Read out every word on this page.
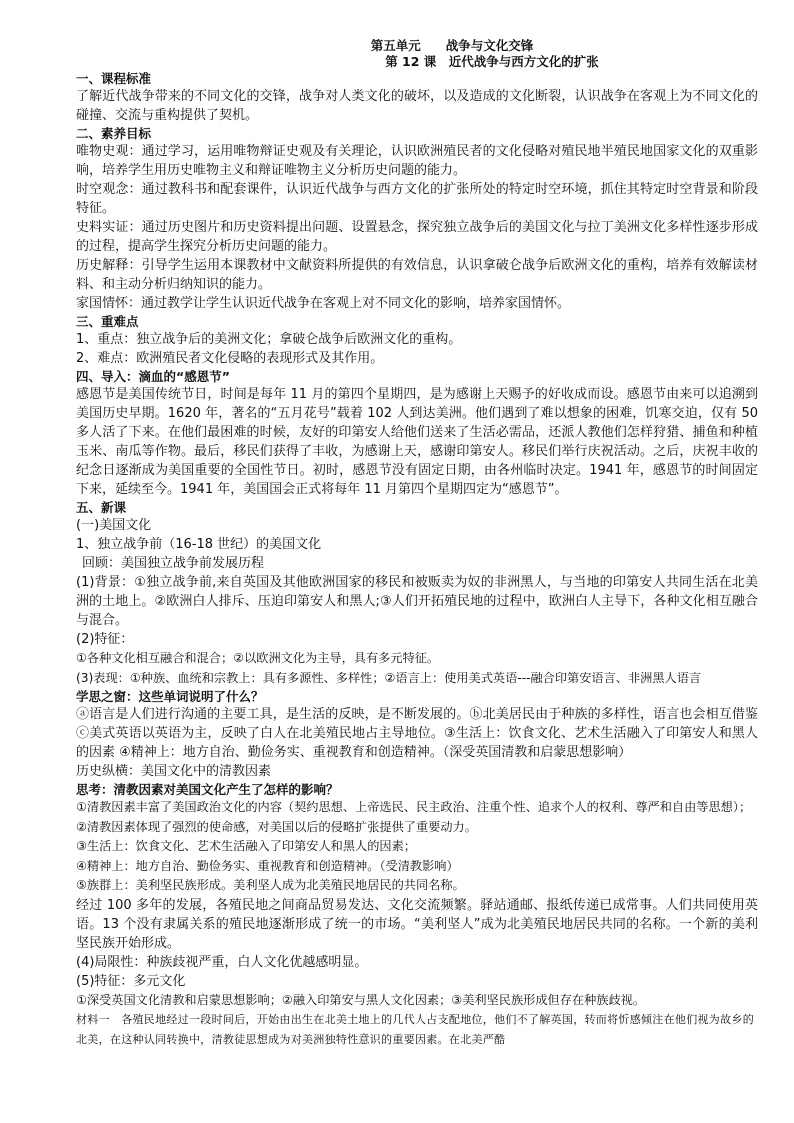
第五单元　　战争与文化交锋
第 12 课　近代战争与西方文化的扩张

一、课程标准

了解近代战争带来的不同文化的交锋，战争对人类文化的破坏，以及造成的文化断裂，认识战争在客观上为不同文化的碰撞、交流与重构提供了契机。

二、素养目标

唯物史观：通过学习，运用唯物辩证史观及有关理论，认识欧洲殖民者的文化侵略对殖民地半殖民地国家文化的双重影响，培养学生用历史唯物主义和辩证唯物主义分析历史问题的能力。

时空观念：通过教科书和配套课件，认识近代战争与西方文化的扩张所处的特定时空环境，抓住其特定时空背景和阶段特征。

史料实证：通过历史图片和历史资料提出问题、设置悬念，探究独立战争后的美国文化与拉丁美洲文化多样性逐步形成的过程，提高学生探究分析历史问题的能力。

历史解释：引导学生运用本课教材中文献资料所提供的有效信息，认识拿破仑战争后欧洲文化的重构，培养有效解读材料、和主动分析归纳知识的能力。

家国情怀：通过教学让学生认识近代战争在客观上对不同文化的影响，培养家国情怀。

三、重难点

1、重点：独立战争后的美洲文化；拿破仑战争后欧洲文化的重构。

2、难点：欧洲殖民者文化侵略的表现形式及其作用。

四、导入：滴血的“感恩节”

感恩节是美国传统节日，时间是每年 11 月的第四个星期四，是为感谢上天赐予的好收成而设。感恩节由来可以追溯到美国历史早期。1620 年，著名的“五月花号”载着 102 人到达美洲。他们遇到了难以想象的困难，饥寒交迫，仅有 50 多人活了下来。在他们最困难的时候，友好的印第安人给他们送来了生活必需品，还派人教他们怎样狩猎、捕鱼和种植玉米、南瓜等作物。最后，移民们获得了丰收，为感谢上天，感谢印第安人。移民们举行庆祝活动。之后，庆祝丰收的纪念日逐渐成为美国重要的全国性节日。初时，感恩节没有固定日期，由各州临时决定。1941 年，感恩节的时间固定下来，延续至今。1941 年，美国国会正式将每年 11 月第四个星期四定为“感恩节”。

五、新课

(一)美国文化

1、独立战争前（16-18 世纪）的美国文化

回顾：美国独立战争前发展历程

(1)背景：①独立战争前,来自英国及其他欧洲国家的移民和被贩卖为奴的非洲黑人，与当地的印第安人共同生活在北美洲的土地上。②欧洲白人排斥、压迫印第安人和黑人;③人们开拓殖民地的过程中，欧洲白人主导下，各种文化相互融合与混合。

(2)特征：

①各种文化相互融合和混合；②以欧洲文化为主导，具有多元特征。

(3)表现：①种族、血统和宗教上：具有多源性、多样性；②语言上：使用美式英语---融合印第安语言、非洲黑人语言

学思之窗：这些单词说明了什么？

ⓐ语言是人们进行沟通的主要工具，是生活的反映，是不断发展的。ⓑ北美居民由于种族的多样性，语言也会相互借鉴ⓒ美式英语以英语为主，反映了白人在北美殖民地占主导地位。③生活上：饮食文化、艺术生活融入了印第安人和黑人的因素 ④精神上：地方自治、勤俭务实、重视教育和创造精神。（深受英国清教和启蒙思想影响）

历史纵横：美国文化中的清教因素

思考：清教因素对美国文化产生了怎样的影响？

①清教因素丰富了美国政治文化的内容（契约思想、上帝选民、民主政治、注重个性、追求个人的权利、尊严和自由等思想）；

②清教因素体现了强烈的使命感，对美国以后的侵略扩张提供了重要动力。

③生活上：饮食文化、艺术生活融入了印第安人和黑人的因素；

④精神上：地方自治、勤俭务实、重视教育和创造精神。（受清教影响）

⑤族群上：美利坚民族形成。美利坚人成为北美殖民地居民的共同名称。

经过 100 多年的发展，各殖民地之间商品贸易发达、文化交流频繁。驿站通邮、报纸传递已成常事。人们共同使用英语。13 个没有隶属关系的殖民地逐渐形成了统一的市场。“美利坚人”成为北美殖民地居民共同的名称。一个新的美利坚民族开始形成。

(4)局限性：种族歧视严重，白人文化优越感明显。

(5)特征：多元文化

①深受英国文化清教和启蒙思想影响；②融入印第安与黑人文化因素；③美利坚民族形成但存在种族歧视。

材料一　各殖民地经过一段时间后，开始由出生在北美土地上的几代人占支配地位，他们不了解英国，转而将忻感倾注在他们视为故乡的北美，在这种认同转换中，清教徒思想成为对美洲独特性意识的重要因素。在北美严酷
